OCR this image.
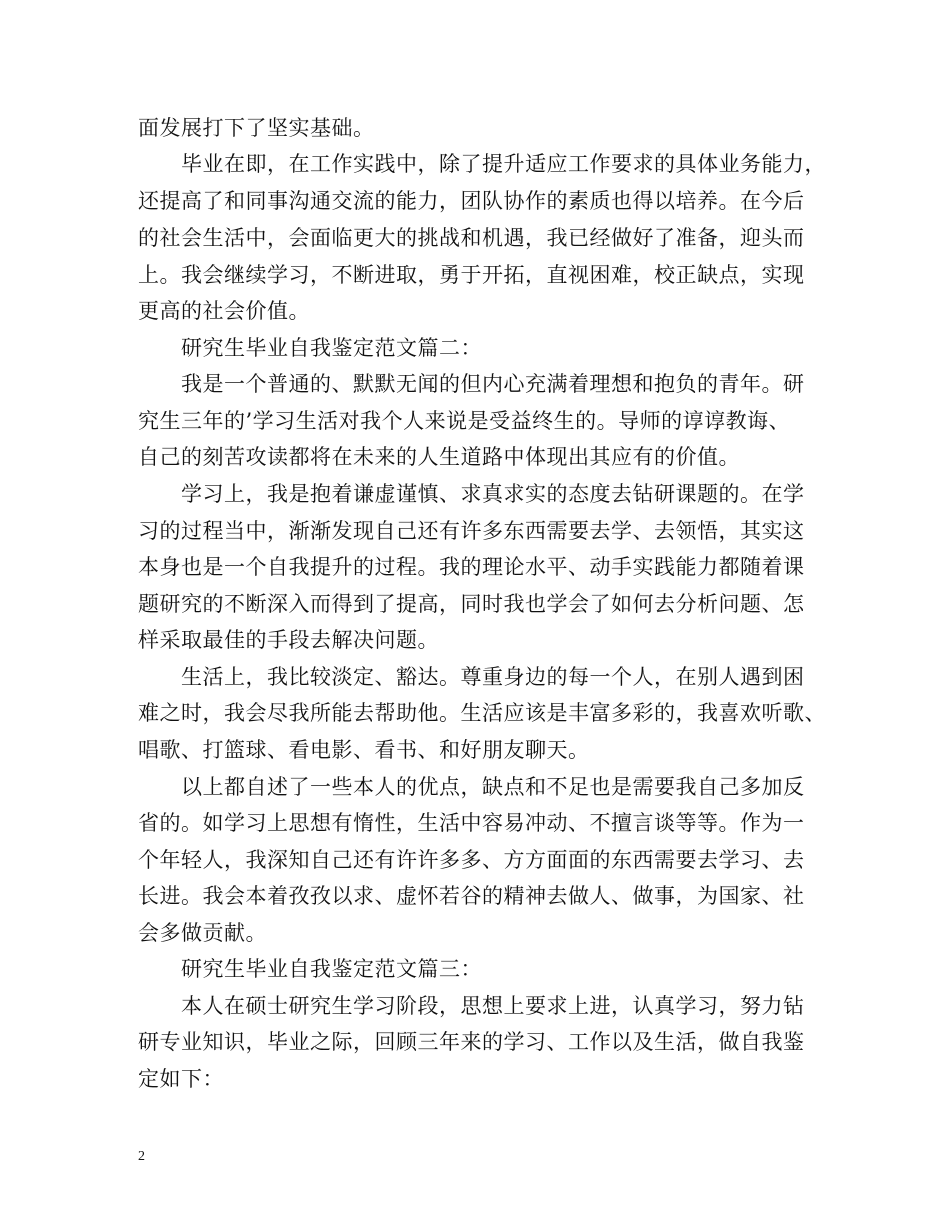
面发展打下了坚实基础。
毕业在即，在工作实践中，除了提升适应工作要求的具体业务能力，
还提高了和同事沟通交流的能力，团队协作的素质也得以培养。在今后
的社会生活中，会面临更大的挑战和机遇，我已经做好了准备，迎头而
上。我会继续学习，不断进取，勇于开拓，直视困难，校正缺点，实现
更高的社会价值。
研究生毕业自我鉴定范文篇二：
我是一个普通的、默默无闻的但内心充满着理想和抱负的青年。研
究生三年的’学习生活对我个人来说是受益终生的。导师的谆谆教诲、
自己的刻苦攻读都将在未来的人生道路中体现出其应有的价值。
学习上，我是抱着谦虚谨慎、求真求实的态度去钻研课题的。在学
习的过程当中，渐渐发现自己还有许多东西需要去学、去领悟，其实这
本身也是一个自我提升的过程。我的理论水平、动手实践能力都随着课
题研究的不断深入而得到了提高，同时我也学会了如何去分析问题、怎
样采取最佳的手段去解决问题。
生活上，我比较淡定、豁达。尊重身边的每一个人，在别人遇到困
难之时，我会尽我所能去帮助他。生活应该是丰富多彩的，我喜欢听歌、
唱歌、打篮球、看电影、看书、和好朋友聊天。
以上都自述了一些本人的优点，缺点和不足也是需要我自己多加反
省的。如学习上思想有惰性，生活中容易冲动、不擅言谈等等。作为一
个年轻人，我深知自己还有许许多多、方方面面的东西需要去学习、去
长进。我会本着孜孜以求、虚怀若谷的精神去做人、做事，为国家、社
会多做贡献。
研究生毕业自我鉴定范文篇三：
本人在硕士研究生学习阶段，思想上要求上进，认真学习，努力钻
研专业知识，毕业之际，回顾三年来的学习、工作以及生活，做自我鉴
定如下：
2
